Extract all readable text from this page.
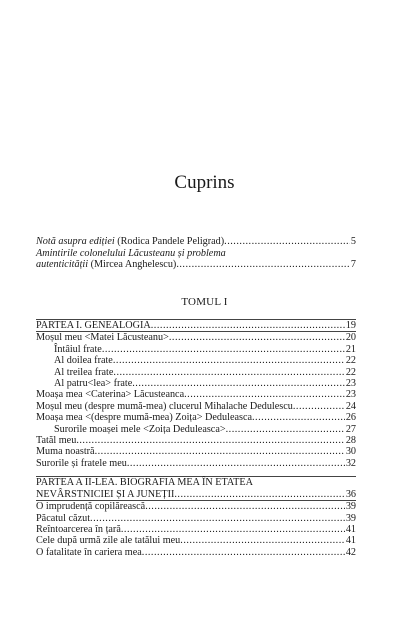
Cuprins
Notă asupra ediției (Rodica Pandele Peligrad) .....	5
Amintirile colonelului Lăcusteanu și problema
autenticității (Mircea Anghelescu) .....	7
TOMUL I
PARTEA I. GENEALOGIA .....	19
Moșul meu <Matei Lăcusteanu> .....	20
Întâiul frate .....	21
Al doilea frate .....	22
Al treilea frate .....	22
Al patru<lea> frate .....	23
Moașa mea <Caterina> Lăcusteanca .....	23
Moșul meu (despre mumă-mea) clucerul Mihalache Dedulescu .....	24
Moașa mea <(despre mumă-mea) Zoița> Deduleasca .....	26
Surorile moașei mele <Zoița Deduleasca> .....	27
Tatăl meu .....	28
Muma noastră .....	30
Surorile și fratele meu .....	32
PARTEA A II-LEA. BIOGRAFIA MEA ÎN ETATEA
NEVÂRSTNICIEI ȘI A JUNEȚII .....	36
O imprudență copilărească .....	39
Păcatul căzut .....	39
Reîntoarcerea în țară .....	41
Cele după urmă zile ale tatălui meu .....	41
O fatalitate în cariera mea .....	42
